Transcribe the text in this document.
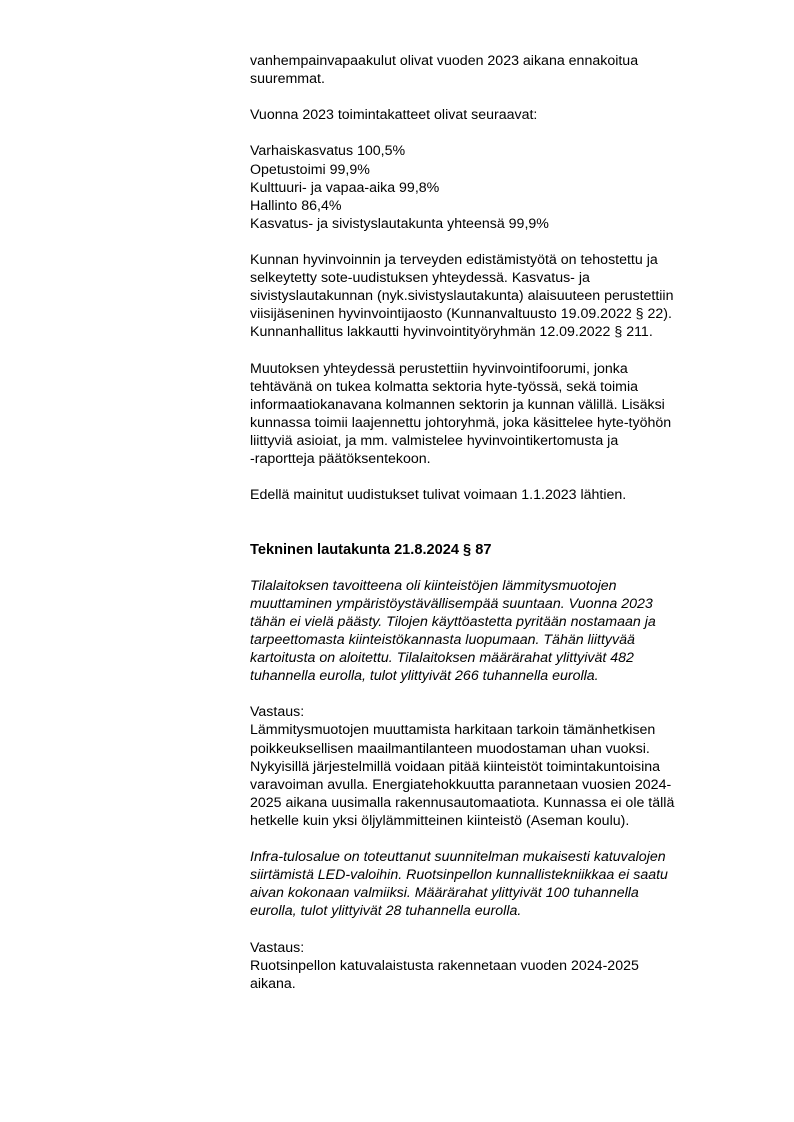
vanhempainvapaakulut olivat vuoden 2023 aikana ennakoitua
suuremmat.
Vuonna 2023 toimintakatteet olivat seuraavat:
Varhaiskasvatus 100,5%
Opetustoimi 99,9%
Kulttuuri- ja vapaa-aika 99,8%
Hallinto 86,4%
Kasvatus- ja sivistyslautakunta yhteensä 99,9%
Kunnan hyvinvoinnin ja terveyden edistämistyötä on tehostettu ja
selkeytetty sote-uudistuksen yhteydessä. Kasvatus- ja
sivistyslautakunnan (nyk.sivistyslautakunta) alaisuuteen perustettiin
viisijäseninen hyvinvointijaosto (Kunnanvaltuusto 19.09.2022 § 22).
Kunnanhallitus lakkautti hyvinvointityöryhmän 12.09.2022 § 211.
Muutoksen yhteydessä perustettiin hyvinvointifoorumi, jonka
tehtävänä on tukea kolmatta sektoria hyte-työssä, sekä toimia
informaatiokanavana kolmannen sektorin ja kunnan välillä. Lisäksi
kunnassa toimii laajennettu johtoryhmä, joka käsittelee hyte-työhön
liittyviä asioiat, ja mm. valmistelee hyvinvointikertomusta ja
-raportteja päätöksentekoon.
Edellä mainitut uudistukset tulivat voimaan 1.1.2023 lähtien.
Tekninen lautakunta 21.8.2024 § 87
Tilalaitoksen tavoitteena oli kiinteistöjen lämmitysmuotojen
muuttaminen ympäristöystävällisempää suuntaan. Vuonna 2023
tähän ei vielä päästy. Tilojen käyttöastetta pyritään nostamaan ja
tarpeettomasta kiinteistökannasta luopumaan. Tähän liittyvää
kartoitusta on aloitettu. Tilalaitoksen määrärahat ylittyivät 482
tuhannella eurolla, tulot ylittyivät 266 tuhannella eurolla.
Vastaus:
Lämmitysmuotojen muuttamista harkitaan tarkoin tämänhetkisen
poikkeuksellisen maailmantilanteen muodostaman uhan vuoksi.
Nykyisillä järjestelmillä voidaan pitää kiinteistöt toimintakuntoisina
varavoiman avulla. Energiatehokkuutta parannetaan vuosien 2024-
2025 aikana uusimalla rakennusautomaatiota. Kunnassa ei ole tällä
hetkelle kuin yksi öljylämmitteinen kiinteistö (Aseman koulu).
Infra-tulosalue on toteuttanut suunnitelman mukaisesti katuvalojen
siirtämistä LED-valoihin. Ruotsinpellon kunnallistekniikkaa ei saatu
aivan kokonaan valmiiksi. Määrärahat ylittyivät 100 tuhannella
eurolla, tulot ylittyivät 28 tuhannella eurolla.
Vastaus:
Ruotsinpellon katuvalaistusta rakennetaan vuoden 2024-2025
aikana.
